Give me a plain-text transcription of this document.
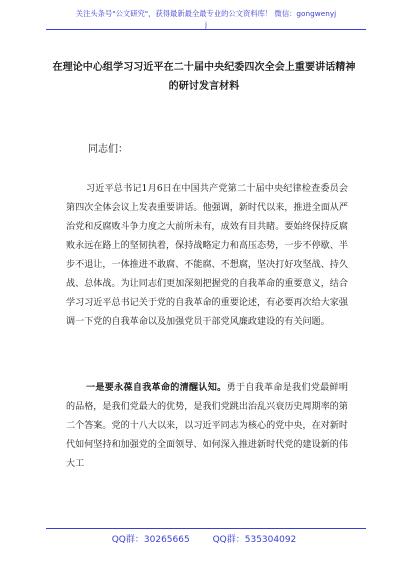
关注头条号"公文研究"，获得最新最全最专业的公文资料库！ 微信：gongwenyj
j
在理论中心组学习习近平在二十届中央纪委四次全会上重要讲话精神的研讨发言材料
同志们：

习近平总书记1月6日在中国共产党第二十届中央纪律检查委员会第四次全体会议上发表重要讲话。他强调，新时代以来，推进全面从严治党和反腐败斗争力度之大前所未有，成效有目共睹。要始终保持反腐败永远在路上的坚韧执着，保持战略定力和高压态势，一步不停歇、半步不退让，一体推进不敢腐、不能腐、不想腐，坚决打好攻坚战、持久战、总体战。为让同志们更加深刻把握党的自我革命的重要意义，结合学习习近平总书记关于党的自我革命的重要论述，有必要再次给大家强调一下党的自我革命以及加强党员干部党风廉政建设的有关问题。

一是要永葆自我革命的清醒认知。勇于自我革命是我们党最鲜明的品格，是我们党最大的优势，是我们党跳出治乱兴衰历史周期率的第二个答案。党的十八大以来，以习近平同志为核心的党中央，在对新时代如何坚持和加强党的全面领导、如何深入推进新时代党的建设新的伟大工

QQ群：30265665	QQ群：535304092
